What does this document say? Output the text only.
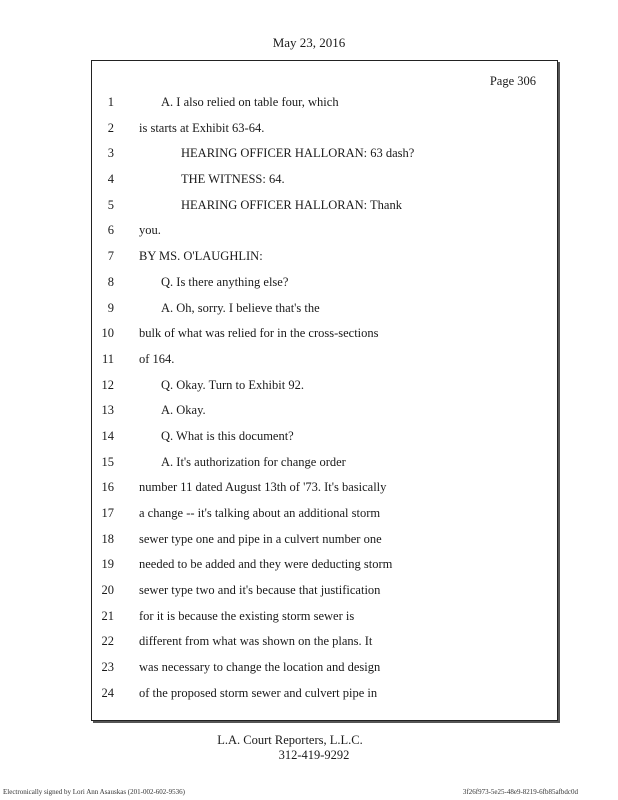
May 23, 2016
Page 306
1	A. I also relied on table four, which
2 is starts at Exhibit 63-64.
3	HEARING OFFICER HALLORAN: 63 dash?
4	THE WITNESS: 64.
5	HEARING OFFICER HALLORAN: Thank
6 you.
7 BY MS. O'LAUGHLIN:
8	Q. Is there anything else?
9	A. Oh, sorry. I believe that's the
10 bulk of what was relied for in the cross-sections
11 of 164.
12	Q. Okay. Turn to Exhibit 92.
13	A. Okay.
14	Q. What is this document?
15	A. It's authorization for change order
16 number 11 dated August 13th of '73. It's basically
17 a change -- it's talking about an additional storm
18 sewer type one and pipe in a culvert number one
19 needed to be added and they were deducting storm
20 sewer type two and it's because that justification
21 for it is because the existing storm sewer is
22 different from what was shown on the plans. It
23 was necessary to change the location and design
24 of the proposed storm sewer and culvert pipe in
L.A. Court Reporters, L.L.C.
312-419-9292
Electronically signed by Lori Ann Asauskas (201-002-602-9536)	3f26f973-5e25-48e9-8219-6fb85afbdc0d
